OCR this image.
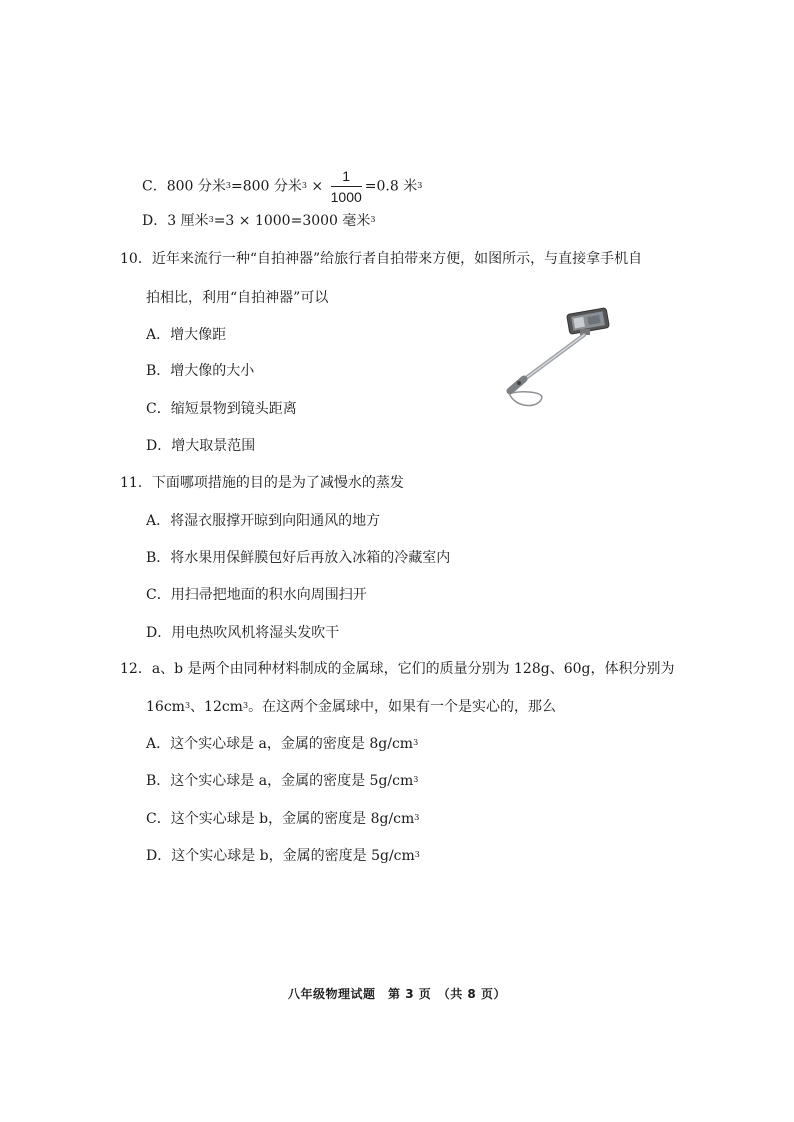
C．800 分米$^3$=800 分米$^3 \times \frac{1}{1000} =0.8$ 米$^3$
D．3 厘米$^3$=3 × 1000=3000 毫米$^3$
10．近年来流行一种“自拍神器”给旅行者自拍带来方便，如图所示，与直接拿手机自
拍相比，利用“自拍神器”可以
A．增大像距
B．增大像的大小
C．缩短景物到镜头距离
D．增大取景范围
11．下面哪项措施的目的是为了减慢水的蒸发
A．将湿衣服撑开晾到向阳通风的地方
B．将水果用保鲜膜包好后再放入冰箱的冷藏室内
C．用扫帚把地面的积水向周围扫开
D．用电热吹风机将湿头发吹干
12．a、b 是两个由同种材料制成的金属球，它们的质量分别为 128g、60g，体积分别为
$16cm^3$、$12cm^3$。在这两个金属球中，如果有一个是实心的，那么
A．这个实心球是 a，金属的密度是 $8g/cm^3$
B．这个实心球是 a，金属的密度是 $5g/cm^3$
C．这个实心球是 b，金属的密度是 $8g/cm^3$
D．这个实心球是 b，金属的密度是 $5g/cm^3$
八年级物理试题　第 3 页　（共 8 页）
